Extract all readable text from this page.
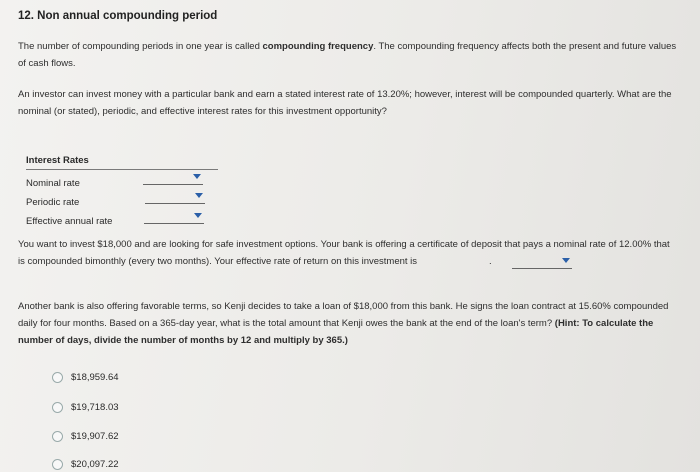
12. Non annual compounding period
The number of compounding periods in one year is called compounding frequency. The compounding frequency affects both the present and future values of cash flows.
An investor can invest money with a particular bank and earn a stated interest rate of 13.20%; however, interest will be compounded quarterly. What are the nominal (or stated), periodic, and effective interest rates for this investment opportunity?
Interest Rates
Nominal rate
Periodic rate
Effective annual rate
You want to invest $18,000 and are looking for safe investment options. Your bank is offering a certificate of deposit that pays a nominal rate of 12.00% that is compounded bimonthly (every two months). Your effective rate of return on this investment is	.
Another bank is also offering favorable terms, so Kenji decides to take a loan of $18,000 from this bank. He signs the loan contract at 15.60% compounded daily for four months. Based on a 365-day year, what is the total amount that Kenji owes the bank at the end of the loan's term? (Hint: To calculate the number of days, divide the number of months by 12 and multiply by 365.)
$18,959.64
$19,718.03
$19,907.62
$20,097.22
